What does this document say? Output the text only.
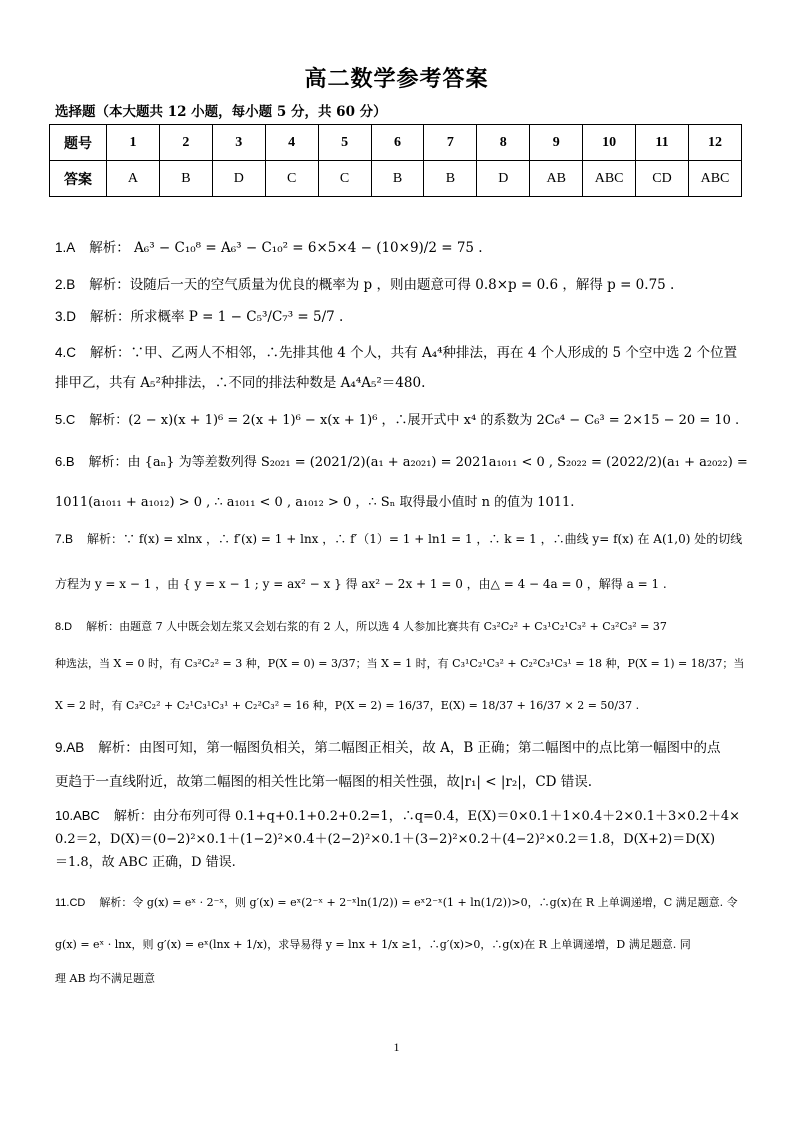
高二数学参考答案
选择题（本大题共 12 小题，每小题 5 分，共 60 分）
题号	1	2	3	4	5	6	7	8	9	10	11	12
答案	A	B	D	C	C	B	B	D	AB	ABC	CD	ABC
1.A 解析： A₆³ − C₁₀⁸ = A₆³ − C₁₀² = 6×5×4 − (10×9)/2 = 75 .
2.B 解析：设随后一天的空气质量为优良的概率为 p ，则由题意可得 0.8×p = 0.6 ，解得 p = 0.75 .
3.D 解析：所求概率 P = 1 − C₅³/C₇³ = 5/7 .
4.C 解析：∵甲、乙两人不相邻，∴先排其他 4 个人，共有 A₄⁴种排法，再在 4 个人形成的 5 个空中选 2 个位置
排甲乙，共有 A₅²种排法，∴不同的排法种数是 A₄⁴A₅²＝480.
5.C 解析：(2 − x)(x + 1)⁶ = 2(x + 1)⁶ − x(x + 1)⁶ ，∴展开式中 x⁴ 的系数为 2C₆⁴ − C₆³ = 2×15 − 20 = 10 .
6.B 解析：由 {aₙ} 为等差数列得 S₂₀₂₁ = (2021/2)(a₁ + a₂₀₂₁) = 2021a₁₀₁₁ < 0 , S₂₀₂₂ = (2022/2)(a₁ + a₂₀₂₂) =
1011(a₁₀₁₁ + a₁₀₁₂) > 0 , ∴ a₁₀₁₁ < 0 , a₁₀₁₂ > 0 ，∴ Sₙ 取得最小值时 n 的值为 1011.
7.B 解析：∵ f(x) = xlnx ，∴ f′(x) = 1 + lnx ，∴ f′（1）= 1 + ln1 = 1 ，∴ k = 1 ，∴曲线 y= f(x) 在 A(1,0) 处的切线
方程为 y = x − 1 ，由 { y = x − 1 ; y = ax² − x } 得 ax² − 2x + 1 = 0 ，由△ = 4 − 4a = 0 ，解得 a = 1 .
8.D 解析：由题意 7 人中既会划左浆又会划右浆的有 2 人，所以选 4 人参加比赛共有 C₃²C₂² + C₃¹C₂¹C₃² + C₃²C₃² = 37
种选法，当 X = 0 时，有 C₃²C₂² = 3 种，P(X = 0) = 3/37；当 X = 1 时，有 C₃¹C₂¹C₃² + C₂²C₃¹C₃¹ = 18 种，P(X = 1) = 18/37；当
X = 2 时，有 C₃²C₂² + C₂¹C₃¹C₃¹ + C₂²C₃² = 16 种，P(X = 2) = 16/37，E(X) = 18/37 + 16/37 × 2 = 50/37 .
9.AB 解析：由图可知，第一幅图负相关，第二幅图正相关，故 A，B 正确；第二幅图中的点比第一幅图中的点
更趋于一直线附近，故第二幅图的相关性比第一幅图的相关性强，故|r₁| < |r₂|，CD 错误.
10.ABC 解析：由分布列可得 0.1+q+0.1+0.2+0.2=1，∴q=0.4，E(X)＝0×0.1＋1×0.4＋2×0.1＋3×0.2＋4×
0.2＝2，D(X)＝(0−2)²×0.1＋(1−2)²×0.4＋(2−2)²×0.1＋(3−2)²×0.2＋(4−2)²×0.2＝1.8，D(X+2)＝D(X)
＝1.8，故 ABC 正确，D 错误.
11.CD 解析：令 g(x) = eˣ · 2⁻ˣ，则 g′(x) = eˣ(2⁻ˣ + 2⁻ˣln(1/2)) = eˣ2⁻ˣ(1 + ln(1/2))>0，∴g(x)在 R 上单调递增，C 满足题意. 令
g(x) = eˣ · lnx，则 g′(x) = eˣ(lnx + 1/x)，求导易得 y = lnx + 1/x ≥1，∴g′(x)>0，∴g(x)在 R 上单调递增，D 满足题意. 同
理 AB 均不满足题意
1
